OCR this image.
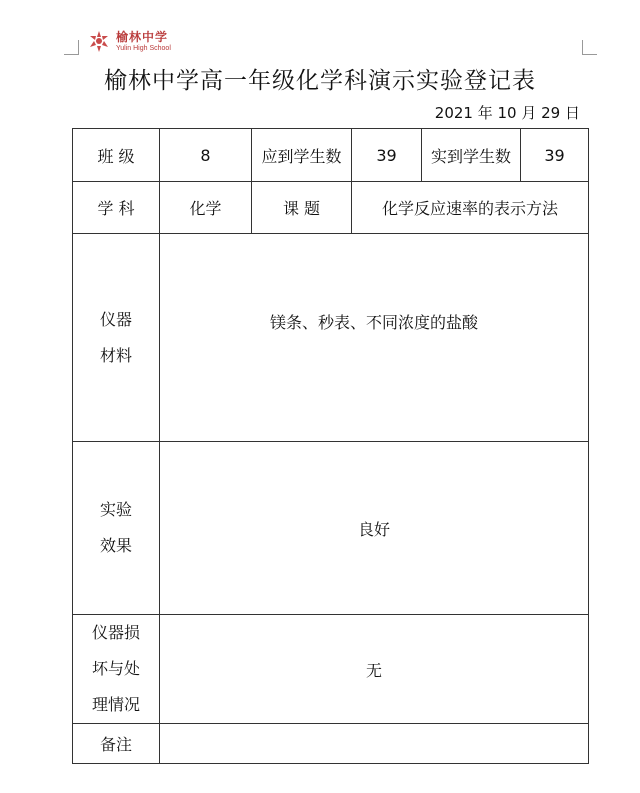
榆林中学
Yulin High School
榆林中学高一年级化学科演示实验登记表
2021 年 10 月 29 日
班 级	8	应到学生数	39	实到学生数	39
学 科	化学	课 题	化学反应速率的表示方法		

仪器
材料	镁条、秒表、不同浓度的盐酸				

实验
效果	良好				

仪器损
坏与处
理情况	无				
备注					
